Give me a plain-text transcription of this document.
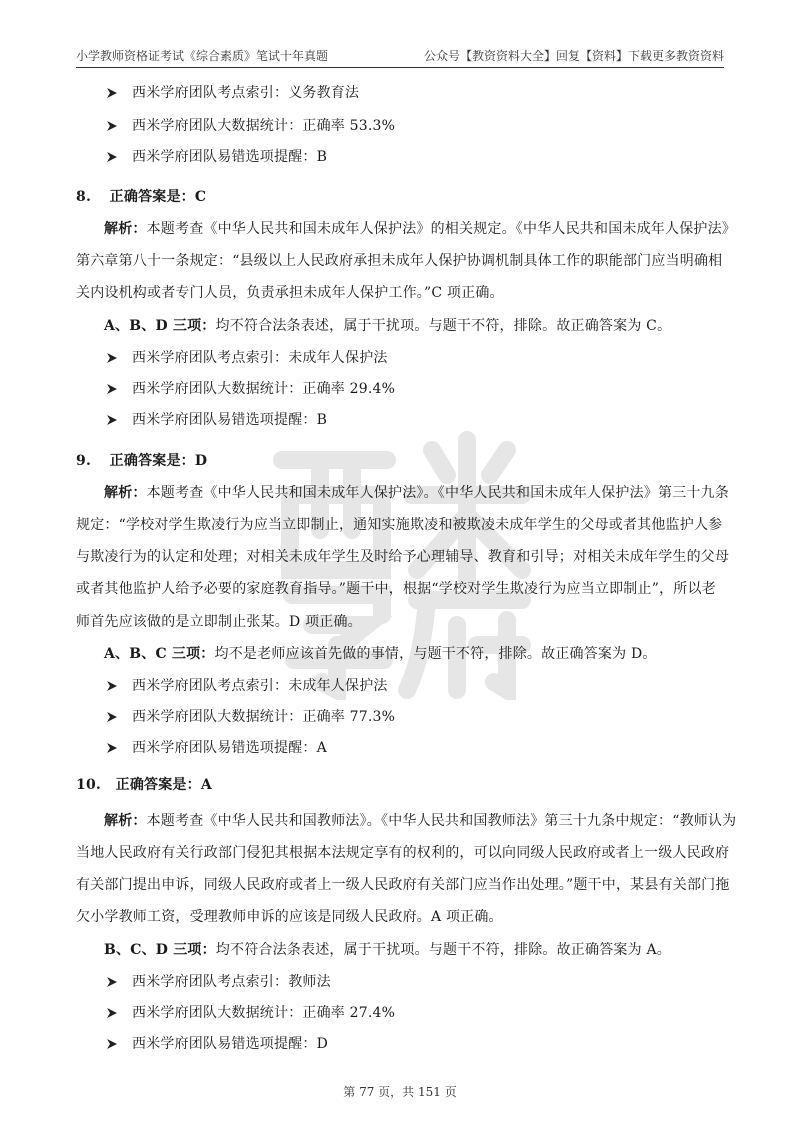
小学教师资格证考试《综合素质》笔试十年真题	公众号【教资资料大全】回复【资料】下载更多教资资料
西米学府团队考点索引：义务教育法
西米学府团队大数据统计：正确率 53.3%
西米学府团队易错选项提醒：B
8. 正确答案是：C
解析：本题考查《中华人民共和国未成年人保护法》的相关规定。《中华人民共和国未成年人保护法》
第六章第八十一条规定：“县级以上人民政府承担未成年人保护协调机制具体工作的职能部门应当明确相
关内设机构或者专门人员，负责承担未成年人保护工作。”C 项正确。
A、B、D 三项：均不符合法条表述，属于干扰项。与题干不符，排除。故正确答案为 C。
西米学府团队考点索引：未成年人保护法
西米学府团队大数据统计：正确率 29.4%
西米学府团队易错选项提醒：B
9. 正确答案是：D
解析：本题考查《中华人民共和国未成年人保护法》。《中华人民共和国未成年人保护法》第三十九条
规定：“学校对学生欺凌行为应当立即制止，通知实施欺凌和被欺凌未成年学生的父母或者其他监护人参
与欺凌行为的认定和处理；对相关未成年学生及时给予心理辅导、教育和引导；对相关未成年学生的父母
或者其他监护人给予必要的家庭教育指导。”题干中，根据“学校对学生欺凌行为应当立即制止”，所以老
师首先应该做的是立即制止张某。D 项正确。
A、B、C 三项：均不是老师应该首先做的事情，与题干不符，排除。故正确答案为 D。
西米学府团队考点索引：未成年人保护法
西米学府团队大数据统计：正确率 77.3%
西米学府团队易错选项提醒：A
10. 正确答案是：A
解析：本题考查《中华人民共和国教师法》。《中华人民共和国教师法》第三十九条中规定：“教师认为
当地人民政府有关行政部门侵犯其根据本法规定享有的权利的，可以向同级人民政府或者上一级人民政府
有关部门提出申诉，同级人民政府或者上一级人民政府有关部门应当作出处理。”题干中，某县有关部门拖
欠小学教师工资，受理教师申诉的应该是同级人民政府。A 项正确。
B、C、D 三项：均不符合法条表述，属于干扰项。与题干不符，排除。故正确答案为 A。
西米学府团队考点索引：教师法
西米学府团队大数据统计：正确率 27.4%
西米学府团队易错选项提醒：D
第 77 页，共 151 页
